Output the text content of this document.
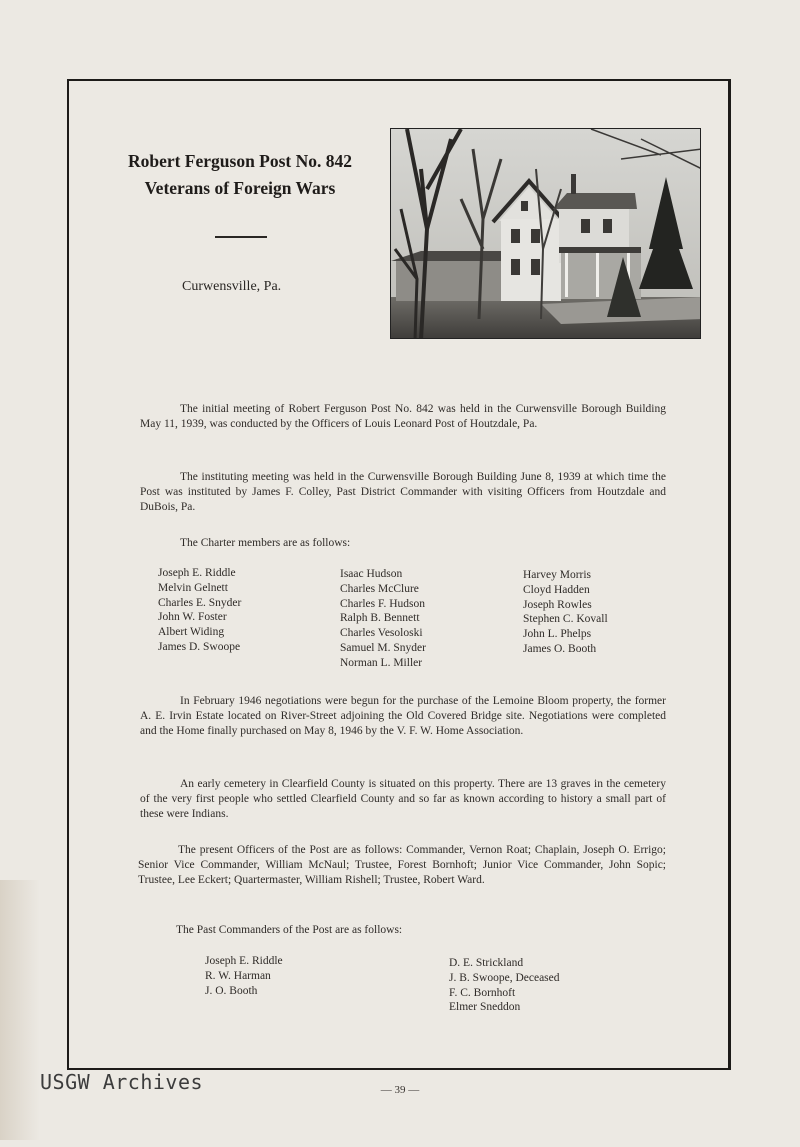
Robert Ferguson Post No. 842
Veterans of Foreign Wars
Curwensville, Pa.

The initial meeting of Robert Ferguson Post No. 842 was held in the Curwensville Borough Building May 11, 1939, was conducted by the Officers of Louis Leonard Post of Houtzdale, Pa.

The instituting meeting was held in the Curwensville Borough Building June 8, 1939 at which time the Post was instituted by James F. Colley, Past District Commander with visiting Officers from Houtzdale and DuBois, Pa.

The Charter members are as follows:
Joseph E. Riddle
Melvin Gelnett
Charles E. Snyder
John W. Foster
Albert Widing
James D. Swoope
Isaac Hudson
Charles McClure
Charles F. Hudson
Ralph B. Bennett
Charles Vesoloski
Samuel M. Snyder
Norman L. Miller
Harvey Morris
Cloyd Hadden
Joseph Rowles
Stephen C. Kovall
John L. Phelps
James O. Booth

In February 1946 negotiations were begun for the purchase of the Lemoine Bloom property, the former A. E. Irvin Estate located on River-Street adjoining the Old Covered Bridge site. Negotiations were completed and the Home finally purchased on May 8, 1946 by the V. F. W. Home Association.

An early cemetery in Clearfield County is situated on this property. There are 13 graves in the cemetery of the very first people who settled Clearfield County and so far as known according to history a small part of these were Indians.

The present Officers of the Post are as follows: Commander, Vernon Roat; Chaplain, Joseph O. Errigo; Senior Vice Commander, William McNaul; Trustee, Forest Bornhoft; Junior Vice Commander, John Sopic; Trustee, Lee Eckert; Quartermaster, William Rishell; Trustee, Robert Ward.

The Past Commanders of the Post are as follows:
Joseph E. Riddle
R. W. Harman
J. O. Booth
D. E. Strickland
J. B. Swoope, Deceased
F. C. Bornhoft
Elmer Sneddon
— 39 —
USGW Archives
